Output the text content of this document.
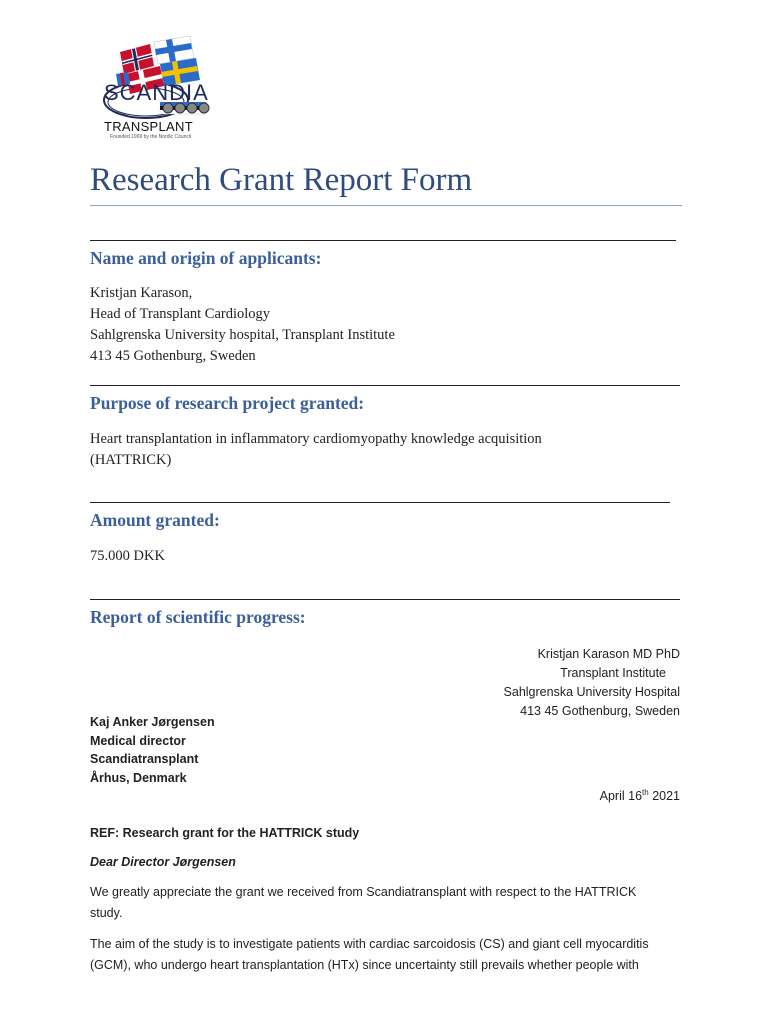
SCANDIA
TRANSPLANT
Founded 1969 by the Nordic Council
Research Grant Report Form
Name and origin of applicants:
Kristjan Karason,
Head of Transplant Cardiology
Sahlgrenska University hospital, Transplant Institute
413 45 Gothenburg, Sweden
Purpose of research project granted:
Heart transplantation in inflammatory cardiomyopathy knowledge acquisition
(HATTRICK)
Amount granted:
75.000 DKK
Report of scientific progress:
Kristjan Karason MD PhD
Transplant Institute
Sahlgrenska University Hospital
413 45 Gothenburg, Sweden
Kaj Anker Jørgensen
Medical director
Scandiatransplant
Århus, Denmark
April 16th 2021
REF: Research grant for the HATTRICK study
Dear Director Jørgensen
We greatly appreciate the grant we received from Scandiatransplant with respect to the HATTRICK
study.
The aim of the study is to investigate patients with cardiac sarcoidosis (CS) and giant cell myocarditis
(GCM), who undergo heart transplantation (HTx) since uncertainty still prevails whether people with
